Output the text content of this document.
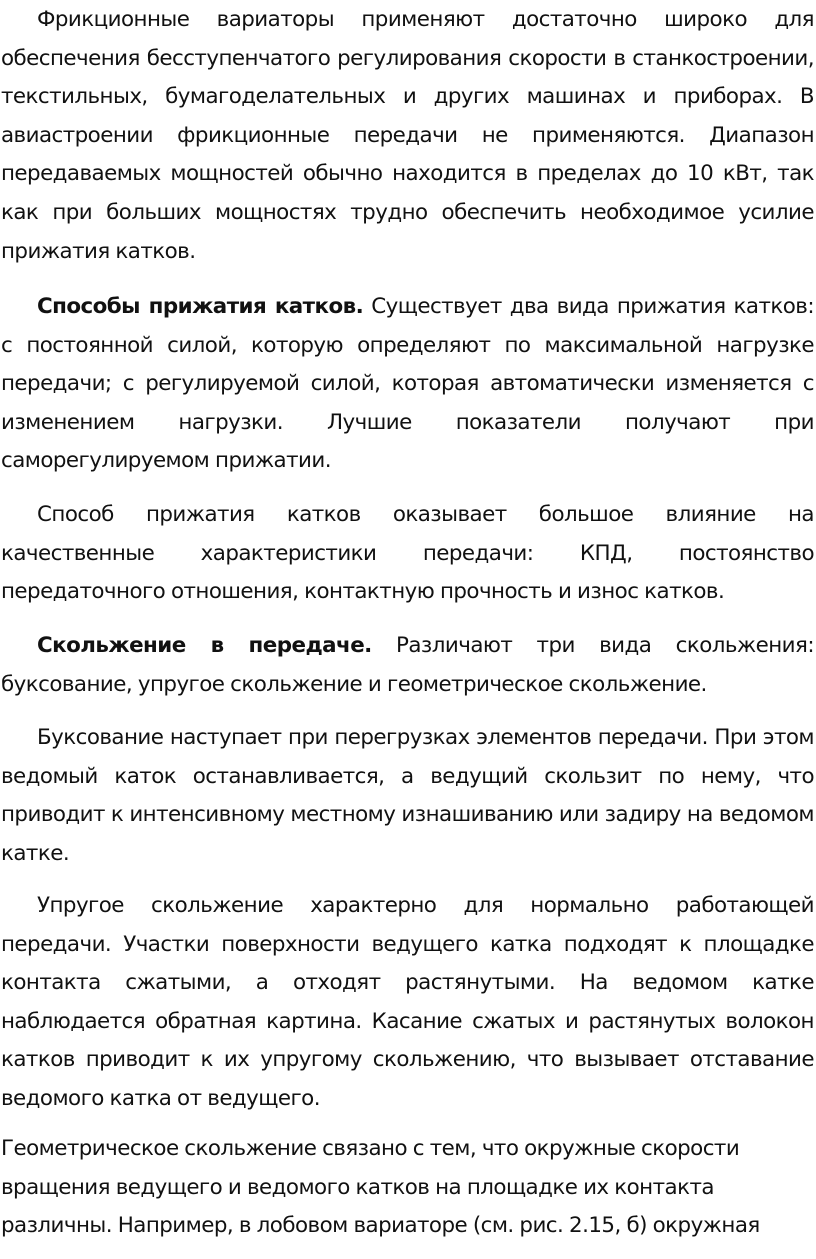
Фрикционные вариаторы применяют достаточно широко для обеспечения бесступенчатого регулирования скорости в станкостроении, текстильных, бумагоделательных и других машинах и приборах. В авиастроении фрикционные передачи не применяются. Диапазон передаваемых мощностей обычно находится в пределах до 10 кВт, так как при больших мощностях трудно обеспечить необходимое усилие прижатия катков.

Способы прижатия катков. Существует два вида прижатия катков: с постоянной силой, которую определяют по максимальной нагрузке передачи; с регулируемой силой, которая автоматически изменяется с изменением нагрузки. Лучшие показатели получают при саморегулируемом прижатии.

Способ прижатия катков оказывает большое влияние на качественные характеристики передачи: КПД, постоянство передаточного отношения, контактную прочность и износ катков.

Скольжение в передаче. Различают три вида скольжения: буксование, упругое скольжение и геометрическое скольжение.

Буксование наступает при перегрузках элементов передачи. При этом ведомый каток останавливается, а ведущий скользит по нему, что приводит к интенсивному местному изнашиванию или задиру на ведомом катке.

Упругое скольжение характерно для нормально работающей передачи. Участки поверхности ведущего катка подходят к площадке контакта сжатыми, а отходят растянутыми. На ведомом катке наблюдается обратная картина. Касание сжатых и растянутых волокон катков приводит к их упругому скольжению, что вызывает отставание ведомого катка от ведущего.

Геометрическое скольжение связано с тем, что окружные скорости вращения ведущего и ведомого катков на площадке их контакта различны. Например, в лобовом вариаторе (см. рис. 2.15, б) окружная
